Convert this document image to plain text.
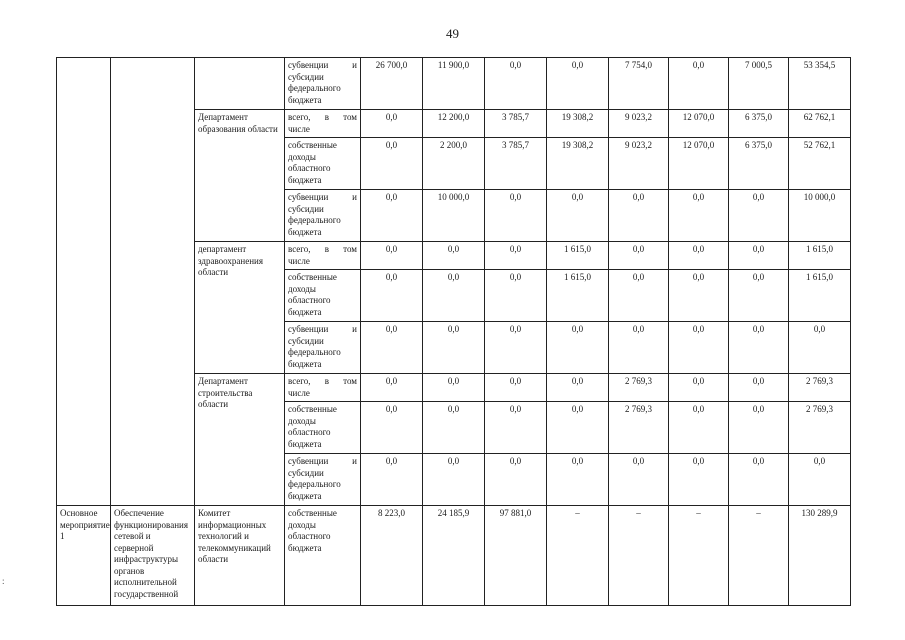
49
			субвенции и субсидии федерального бюджета	26 700,0	11 900,0	0,0	0,0	7 754,0	0,0	7 000,5	53 354,5
		Департамент образования области	всего, в том числе	0,0	12 200,0	3 785,7	19 308,2	9 023,2	12 070,0	6 375,0	62 762,1
			собственные доходы областного бюджета	0,0	2 200,0	3 785,7	19 308,2	9 023,2	12 070,0	6 375,0	52 762,1
			субвенции и субсидии федерального бюджета	0,0	10 000,0	0,0	0,0	0,0	0,0	0,0	10 000,0
		департамент здравоохранения области	всего, в том числе	0,0	0,0	0,0	1 615,0	0,0	0,0	0,0	1 615,0
			собственные доходы областного бюджета	0,0	0,0	0,0	1 615,0	0,0	0,0	0,0	1 615,0
			субвенции и субсидии федерального бюджета	0,0	0,0	0,0	0,0	0,0	0,0	0,0	0,0
		Департамент строительства области	всего, в том числе	0,0	0,0	0,0	0,0	2 769,3	0,0	0,0	2 769,3
			собственные доходы областного бюджета	0,0	0,0	0,0	0,0	2 769,3	0,0	0,0	2 769,3
			субвенции и субсидии федерального бюджета	0,0	0,0	0,0	0,0	0,0	0,0	0,0	0,0
Основное мероприятие 1	Обеспечение функционирования сетевой и серверной инфраструктуры органов исполнительной государственной	Комитет информационных технологий и телекоммуникаций области	собственные доходы областного бюджета	8 223,0	24 185,9	97 881,0	–	–	–	–	130 289,9
:
